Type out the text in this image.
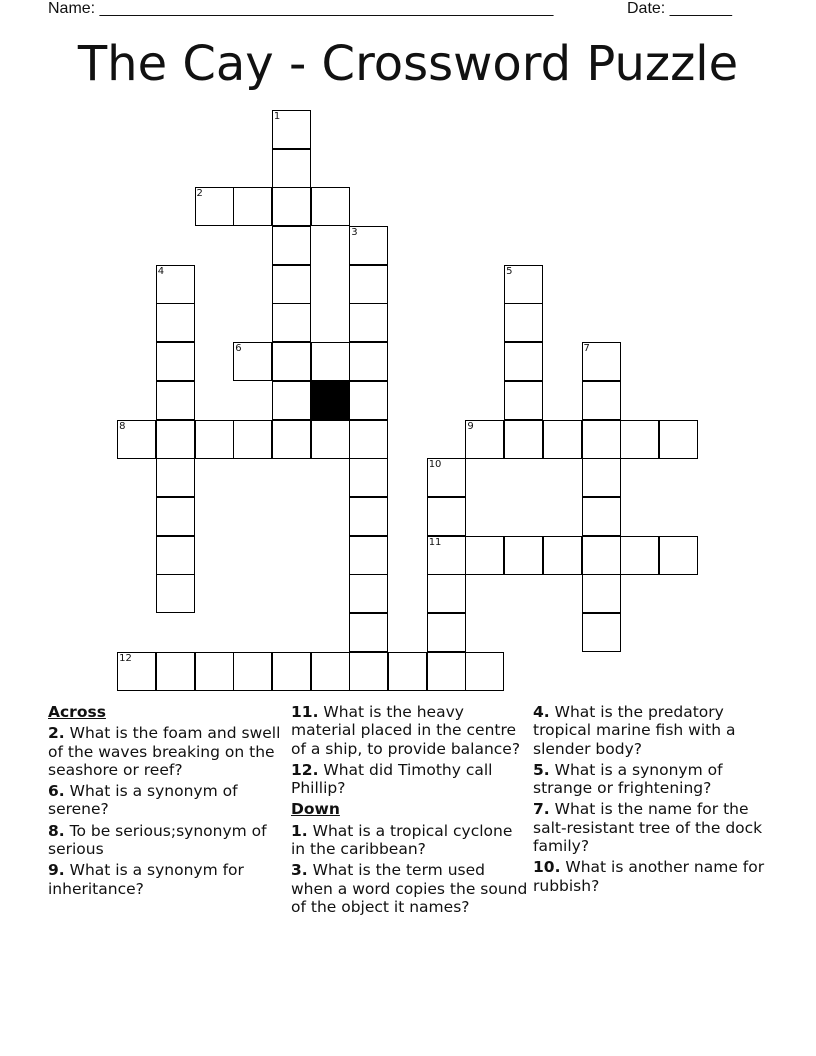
Name: ___________________________________________________	Date: _______
The Cay - Crossword Puzzle
1
2
3
4	5
6	7
8	9
10
11
12
Across
2. What is the foam and swell of the waves breaking on the seashore or reef?
6. What is a synonym of serene?
8. To be serious;synonym of serious
9. What is a synonym for inheritance?
11. What is the heavy material placed in the centre of a ship, to provide balance?
12. What did Timothy call Phillip?
Down
1. What is a tropical cyclone in the caribbean?
3. What is the term used when a word copies the sound of the object it names?
4. What is the predatory tropical marine fish with a slender body?
5. What is a synonym of strange or frightening?
7. What is the name for the salt-resistant tree of the dock family?
10. What is another name for rubbish?
